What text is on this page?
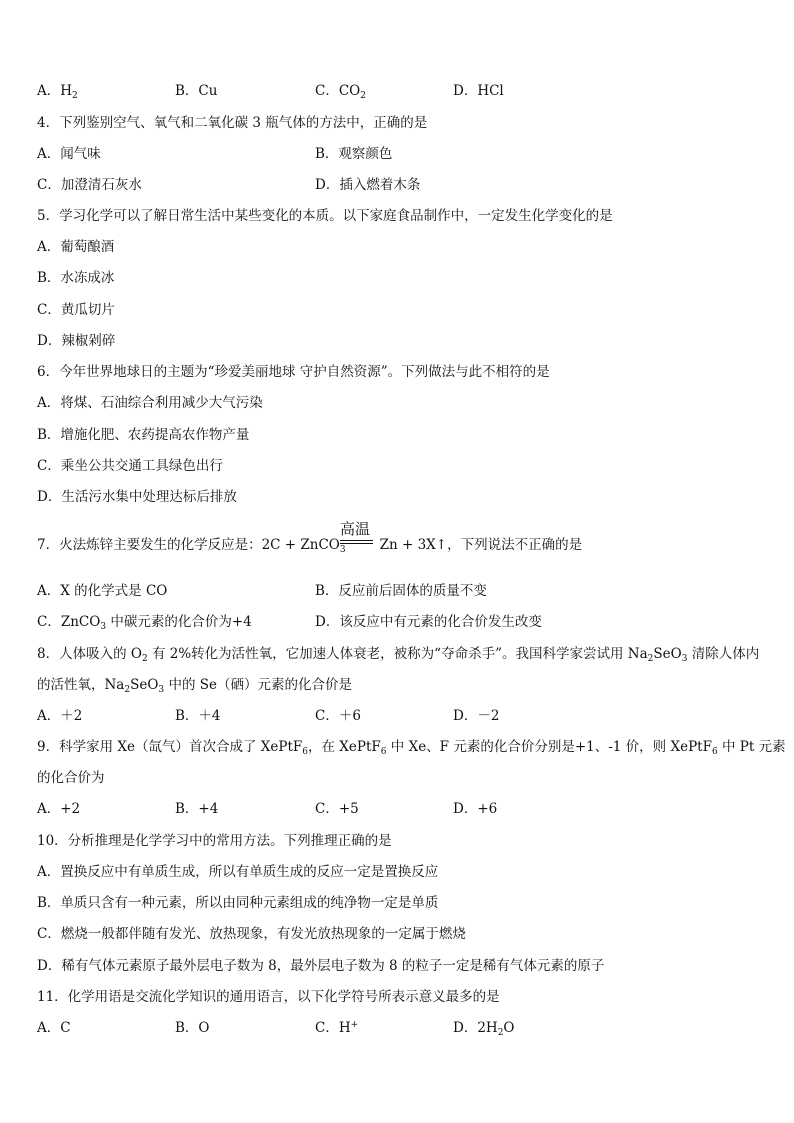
A．$H_2$	B．Cu	C．$CO_2$	D．HCl
4．下列鉴别空气、氧气和二氧化碳 3 瓶气体的方法中，正确的是
A．闻气味	B．观察颜色
C．加澄清石灰水	D．插入燃着木条
5．学习化学可以了解日常生活中某些变化的本质。以下家庭食品制作中，一定发生化学变化的是
A．葡萄酿酒
B．水冻成冰
C．黄瓜切片
D．辣椒剁碎
6．今年世界地球日的主题为“珍爱美丽地球 守护自然资源”。下列做法与此不相符的是
A．将煤、石油综合利用减少大气污染
B．增施化肥、农药提高农作物产量
C．乘坐公共交通工具绿色出行
D．生活污水集中处理达标后排放
高温
7．火法炼锌主要发生的化学反应是：2C + ZnCO$_3$	Zn + 3X↑，下列说法不正确的是
A．X 的化学式是 CO	B．反应前后固体的质量不变
C．ZnCO$_3$ 中碳元素的化合价为+4	D．该反应中有元素的化合价发生改变
8．人体吸入的 $O_2$ 有 2%转化为活性氧，它加速人体衰老，被称为“夺命杀手”。我国科学家尝试用 $Na_2SeO_3$ 清除人体内
的活性氧，$Na_2SeO_3$ 中的 Se（硒）元素的化合价是
A．＋2	B．＋4	C．＋6	D．－2
9．科学家用 Xe（氙气）首次合成了 XePtF$_6$，在 XePtF$_6$ 中 Xe、F 元素的化合价分别是+1、-1 价，则 XePtF$_6$ 中 Pt 元素
的化合价为
A．+2	B．+4	C．+5	D．+6
10．分析推理是化学学习中的常用方法。下列推理正确的是
A．置换反应中有单质生成，所以有单质生成的反应一定是置换反应
B．单质只含有一种元素，所以由同种元素组成的纯净物一定是单质
C．燃烧一般都伴随有发光、放热现象，有发光放热现象的一定属于燃烧
D．稀有气体元素原子最外层电子数为 8，最外层电子数为 8 的粒子一定是稀有气体元素的原子
11．化学用语是交流化学知识的通用语言，以下化学符号所表示意义最多的是
A．C	B．O	C．H+	D．$2H_2O$
